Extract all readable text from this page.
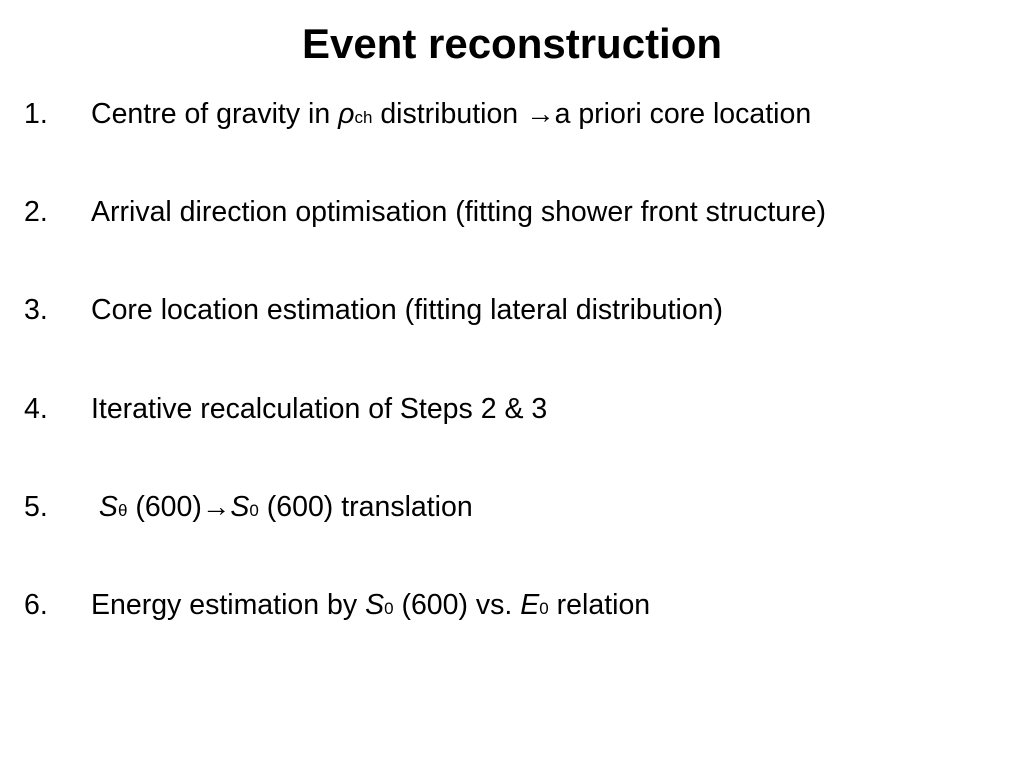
Event reconstruction
1. Centre of gravity in ρch distribution →a priori core location
2. Arrival direction optimisation (fitting shower front structure)
3. Core location estimation (fitting lateral distribution)
4. Iterative recalculation of Steps 2 & 3
5. Sθ (600)→S0 (600) translation
6. Energy estimation by S0 (600) vs. E0 relation
